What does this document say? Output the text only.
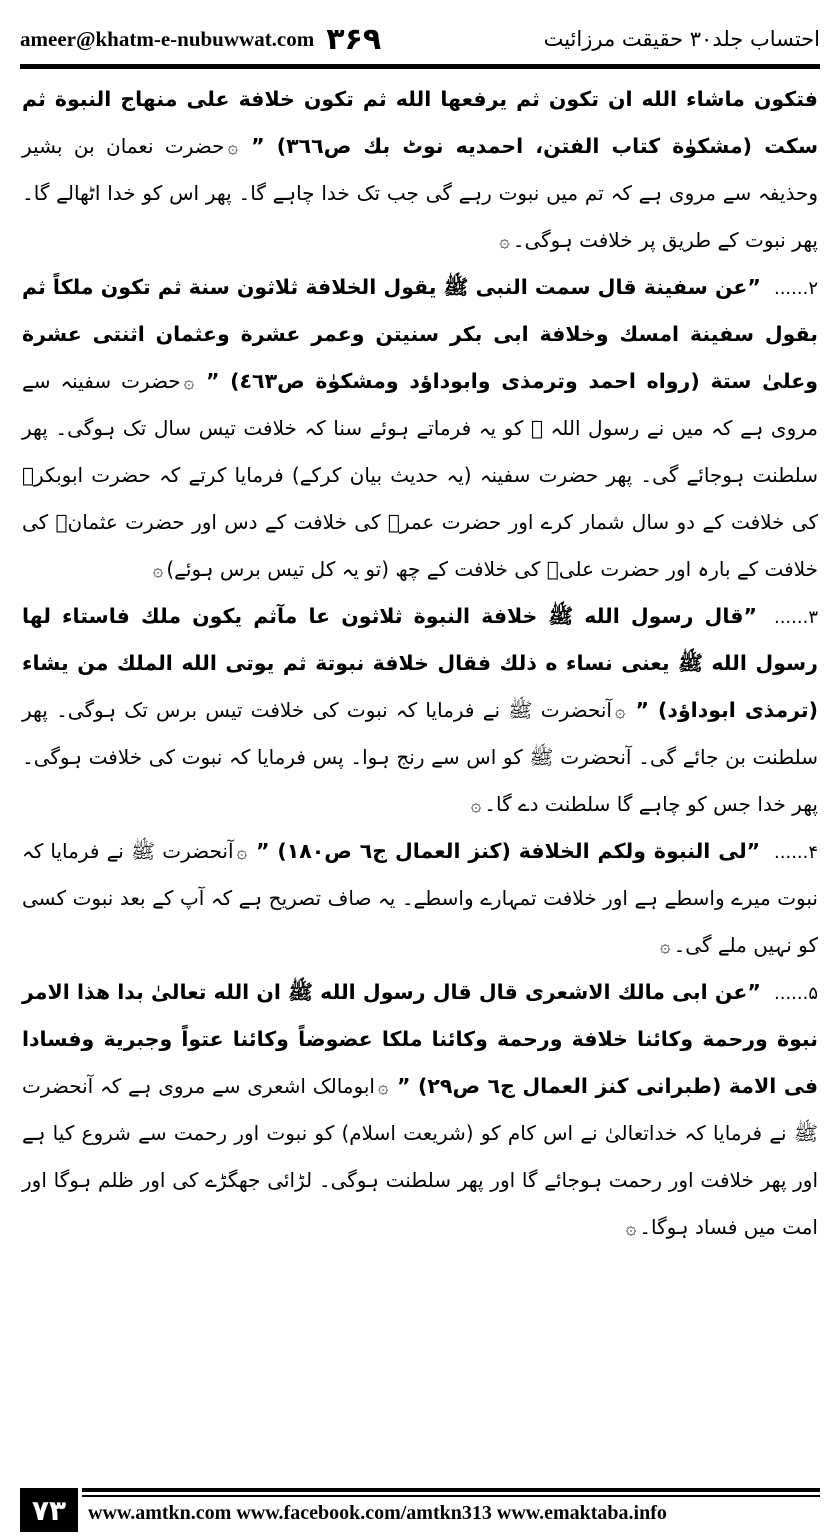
ameer@khatm-e-nubuwwat.com ۳۶۹	احتساب جلد۳۰ حقیقت مرزائیت

فتكون ماشاء الله ان تكون ثم يرفعها الله ثم تكون خلافة على منهاج النبوة ثم سكت (مشكوٰة كتاب الفتن، احمديه نوٹ بك ص٣٦٦) ” ۞حضرت نعمان بن بشیر وحذیفہ سے مروی ہے کہ تم میں نبوت رہے گی جب تک خدا چاہے گا۔ پھر اس کو خدا اٹھالے گا۔ پھر نبوت کے طریق پر خلافت ہوگی۔۞

۲...... ”عن سفينة قال سمت النبى ﷺ يقول الخلافة ثلاثون سنة ثم تكون ملكاً ثم بقول سفينة امسك وخلافة ابى بكر سنيتن وعمر عشرة وعثمان اثنتى عشرة وعلىٰ ستة (رواه احمد وترمذى وابوداؤد ومشكوٰة ص٤٦٣) ” ۞حضرت سفینہ سے مروی ہے کہ میں نے رسول اللہ ﷺ کو یہ فرماتے ہوئے سنا کہ خلافت تیس سال تک ہوگی۔ پھر سلطنت ہوجائے گی۔ پھر حضرت سفینہ (یہ حدیث بیان کرکے) فرمایا کرتے کہ حضرت ابوبکرؓ کی خلافت کے دو سال شمار کرے اور حضرت عمرؓ کی خلافت کے دس اور حضرت عثمانؓ کی خلافت کے بارہ اور حضرت علیؓ کی خلافت کے چھ (تو یہ کل تیس برس ہوئے)۞

۳...... ”قال رسول الله ﷺ خلافة النبوة ثلاثون عا مآثم يكون ملك فاستاء لها رسول الله ﷺ يعنى نساء ه ذلك فقال خلافة نبوتة ثم يوتى الله الملك من يشاء (ترمذى ابوداؤد) ” ۞آنحضرت ﷺ نے فرمایا کہ نبوت کی خلافت تیس برس تک ہوگی۔ پھر سلطنت بن جائے گی۔ آنحضرت ﷺ کو اس سے رنج ہوا۔ پس فرمایا کہ نبوت کی خلافت ہوگی۔ پھر خدا جس کو چاہے گا سلطنت دے گا۔۞

۴...... ”لى النبوة ولكم الخلافة (كنز العمال ج٦ ص١٨٠) ” ۞آنحضرت ﷺ نے فرمایا کہ نبوت میرے واسطے ہے اور خلافت تمہارے واسطے۔ یہ صاف تصریح ہے کہ آپ کے بعد نبوت کسی کو نہیں ملے گی۔۞

۵...... ”عن ابى مالك الاشعرى قال قال رسول الله ﷺ ان الله تعالىٰ بدا هذا الامر نبوة ورحمة وكائنا خلافة ورحمة وكائنا ملكا عضوضاً وكائنا عتواً وجبرية وفسادا فى الامة (طبرانى كنز العمال ج٦ ص٢٩) ” ۞ابومالک اشعری سے مروی ہے کہ آنحضرت ﷺ نے فرمایا کہ خداتعالیٰ نے اس کام کو (شریعت اسلام) کو نبوت اور رحمت سے شروع کیا ہے اور پھر خلافت اور رحمت ہوجائے گا اور پھر سلطنت ہوگی۔ لڑائی جھگڑے کی اور ظلم ہوگا اور امت میں فساد ہوگا۔۞

۷۳	www.amtkn.com www.facebook.com/amtkn313 www.emaktaba.info
